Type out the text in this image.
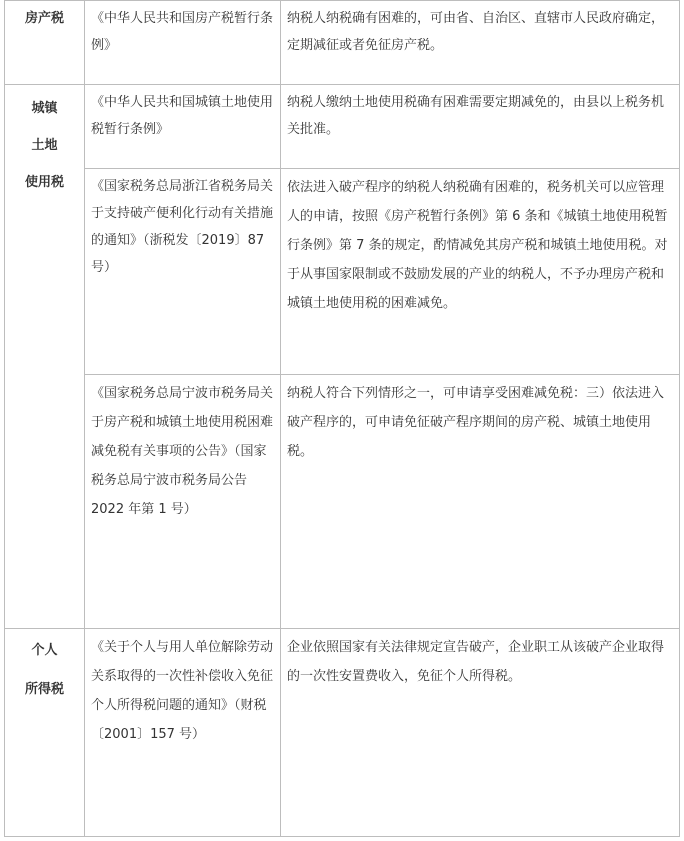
房产税	《中华人民共和国房产税暂行条例》	纳税人纳税确有困难的，可由省、自治区、直辖市人民政府确定，定期减征或者免征房产税。

城镇
土地
使用税	《中华人民共和国城镇土地使用税暂行条例》	纳税人缴纳土地使用税确有困难需要定期减免的，由县以上税务机关批准。
	《国家税务总局浙江省税务局关于支持破产便利化行动有关措施的通知》（浙税发〔2019〕87 号）	依法进入破产程序的纳税人纳税确有困难的，税务机关可以应管理人的申请，按照《房产税暂行条例》第 6 条和《城镇土地使用税暂行条例》第 7 条的规定，酌情减免其房产税和城镇土地使用税。对于从事国家限制或不鼓励发展的产业的纳税人，不予办理房产税和城镇土地使用税的困难减免。
	《国家税务总局宁波市税务局关于房产税和城镇土地使用税困难减免税有关事项的公告》（国家税务总局宁波市税务局公告 2022 年第 1 号）	纳税人符合下列情形之一，可申请享受困难减免税：三）依法进入破产程序的，可申请免征破产程序期间的房产税、城镇土地使用税。

个人
所得税	《关于个人与用人单位解除劳动关系取得的一次性补偿收入免征个人所得税问题的通知》（财税〔2001〕157 号）	企业依照国家有关法律规定宣告破产，企业职工从该破产企业取得的一次性安置费收入，免征个人所得税。
